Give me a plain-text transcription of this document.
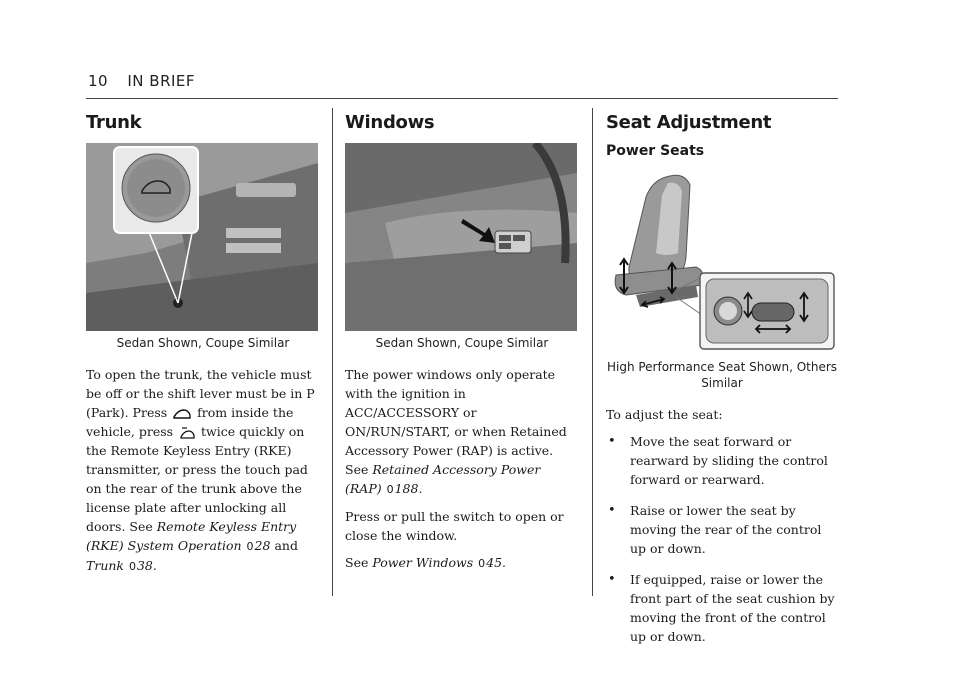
10 IN BRIEF
Trunk
Sedan Shown, Coupe Similar

To open the trunk, the vehicle must be off or the shift lever must be in P (Park). Press from inside the vehicle, press twice quickly on the Remote Keyless Entry (RKE) transmitter, or press the touch pad on the rear of the trunk above the license plate after unlocking all doors. See Remote Keyless Entry (RKE) System Operation 028 and Trunk 038.

Windows
Sedan Shown, Coupe Similar

The power windows only operate with the ignition in ACC/ACCESSORY or ON/RUN/START, or when Retained Accessory Power (RAP) is active. See Retained Accessory Power (RAP) 0188.

Press or pull the switch to open or close the window.

See Power Windows 045.

Seat Adjustment
Power Seats
High Performance Seat Shown, Others Similar

To adjust the seat:

• Move the seat forward or rearward by sliding the control forward or rearward.
• Raise or lower the seat by moving the rear of the control up or down.
• If equipped, raise or lower the front part of the seat cushion by moving the front of the control up or down.
